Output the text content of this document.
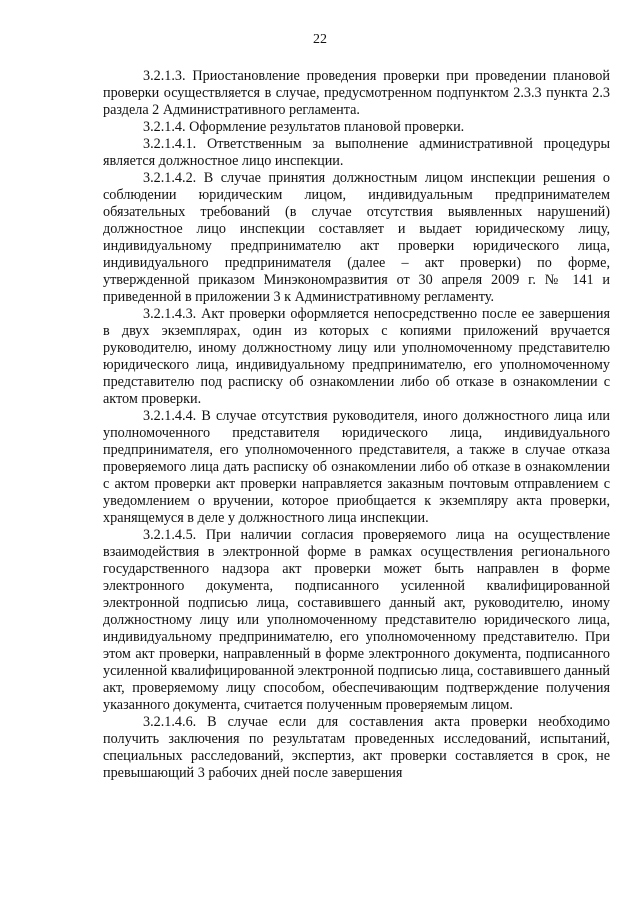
22

3.2.1.3. Приостановление проведения проверки при проведении плановой проверки осуществляется в случае, предусмотренном подпунктом 2.3.3 пункта 2.3 раздела 2 Административного регламента.

3.2.1.4. Оформление результатов плановой проверки.

3.2.1.4.1. Ответственным за выполнение административной процедуры является должностное лицо инспекции.

3.2.1.4.2. В случае принятия должностным лицом инспекции решения о соблюдении юридическим лицом, индивидуальным предпринимателем обязательных требований (в случае отсутствия выявленных нарушений) должностное лицо инспекции составляет и выдает юридическому лицу, индивидуальному предпринимателю акт проверки юридического лица, индивидуального предпринимателя (далее – акт проверки) по форме, утвержденной приказом Минэкономразвития от 30 апреля 2009 г. № 141 и приведенной в приложении 3 к Административному регламенту.

3.2.1.4.3. Акт проверки оформляется непосредственно после ее завершения в двух экземплярах, один из которых с копиями приложений вручается руководителю, иному должностному лицу или уполномоченному представителю юридического лица, индивидуальному предпринимателю, его уполномоченному представителю под расписку об ознакомлении либо об отказе в ознакомлении с актом проверки.

3.2.1.4.4. В случае отсутствия руководителя, иного должностного лица или уполномоченного представителя юридического лица, индивидуального предпринимателя, его уполномоченного представителя, а также в случае отказа проверяемого лица дать расписку об ознакомлении либо об отказе в ознакомлении с актом проверки акт проверки направляется заказным почтовым отправлением с уведомлением о вручении, которое приобщается к экземпляру акта проверки, хранящемуся в деле у должностного лица инспекции.

3.2.1.4.5. При наличии согласия проверяемого лица на осуществление взаимодействия в электронной форме в рамках осуществления регионального государственного надзора акт проверки может быть направлен в форме электронного документа, подписанного усиленной квалифицированной электронной подписью лица, составившего данный акт, руководителю, иному должностному лицу или уполномоченному представителю юридического лица, индивидуальному предпринимателю, его уполномоченному представителю. При этом акт проверки, направленный в форме электронного документа, подписанного усиленной квалифицированной электронной подписью лица, составившего данный акт, проверяемому лицу способом, обеспечивающим подтверждение получения указанного документа, считается полученным проверяемым лицом.

3.2.1.4.6. В случае если для составления акта проверки необходимо получить заключения по результатам проведенных исследований, испытаний, специальных расследований, экспертиз, акт проверки составляется в срок, не превышающий 3 рабочих дней после завершения
